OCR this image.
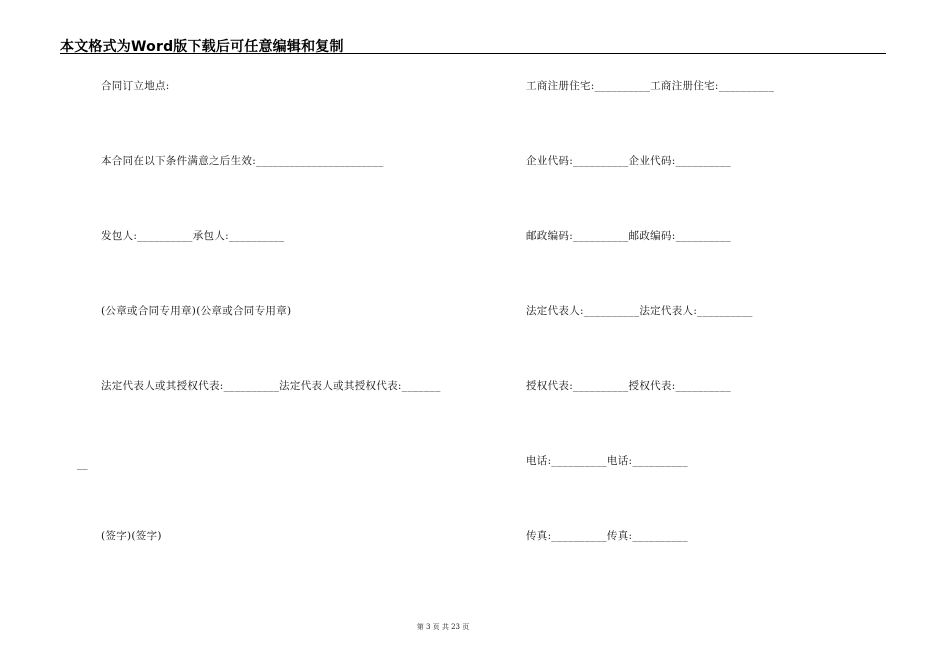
本文格式为Word版下载后可任意编辑和复制
合同订立地点:
本合同在以下条件满意之后生效:_______________________
发包人:__________承包人:__________
(公章或合同专用章)(公章或合同专用章)
法定代表人或其授权代表:__________法定代表人或其授权代表:_______
__
(签字)(签字)
工商注册住宅:__________工商注册住宅:__________
企业代码:__________企业代码:__________
邮政编码:__________邮政编码:__________
法定代表人:__________法定代表人:__________
授权代表:__________授权代表:__________
电话:__________电话:__________
传真:__________传真:__________
第 3 页 共 23 页
